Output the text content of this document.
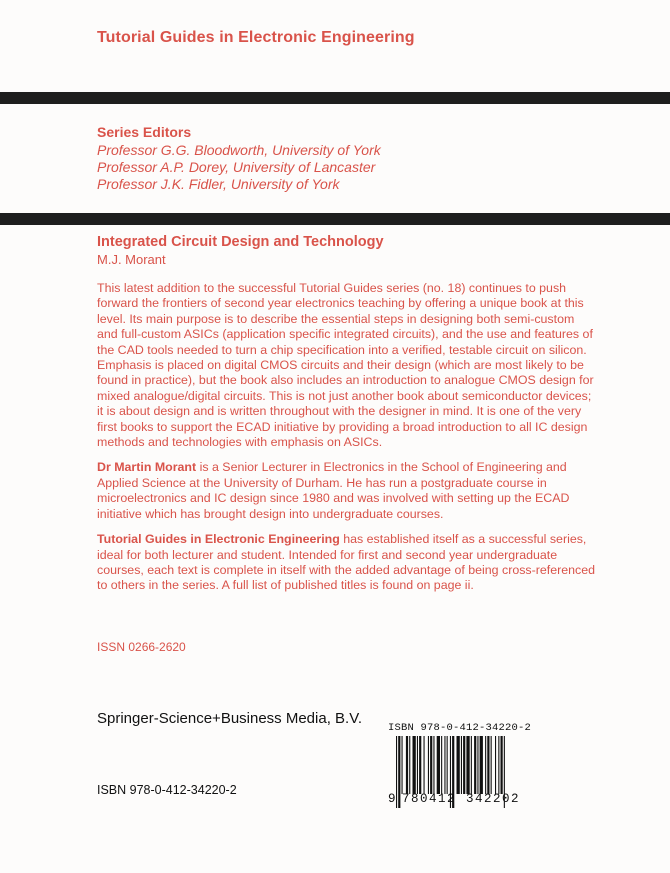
Tutorial Guides in Electronic Engineering
Series Editors
Professor G.G. Bloodworth, University of York
Professor A.P. Dorey, University of Lancaster
Professor J.K. Fidler, University of York
Integrated Circuit Design and Technology
M.J. Morant

This latest addition to the successful Tutorial Guides series (no. 18) continues to push forward the frontiers of second year electronics teaching by offering a unique book at this level. Its main purpose is to describe the essential steps in designing both semi-custom and full-custom ASICs (application specific integrated circuits), and the use and features of the CAD tools needed to turn a chip specification into a verified, testable circuit on silicon. Emphasis is placed on digital CMOS circuits and their design (which are most likely to be found in practice), but the book also includes an introduction to analogue CMOS design for mixed analogue/digital circuits. This is not just another book about semiconductor devices; it is about design and is written throughout with the designer in mind. It is one of the very first books to support the ECAD initiative by providing a broad introduction to all IC design methods and technologies with emphasis on ASICs.

Dr Martin Morant is a Senior Lecturer in Electronics in the School of Engineering and Applied Science at the University of Durham. He has run a postgraduate course in microelectronics and IC design since 1980 and was involved with setting up the ECAD initiative which has brought design into undergraduate courses.

Tutorial Guides in Electronic Engineering has established itself as a successful series, ideal for both lecturer and student. Intended for first and second year undergraduate courses, each text is complete in itself with the added advantage of being cross-referenced to others in the series. A full list of published titles is found on page ii.

ISSN 0266-2620
Springer-Science+Business Media, B.V.
ISBN 978-0-412-34220-2
ISBN 978-0-412-34220-2
9 780412 342202
